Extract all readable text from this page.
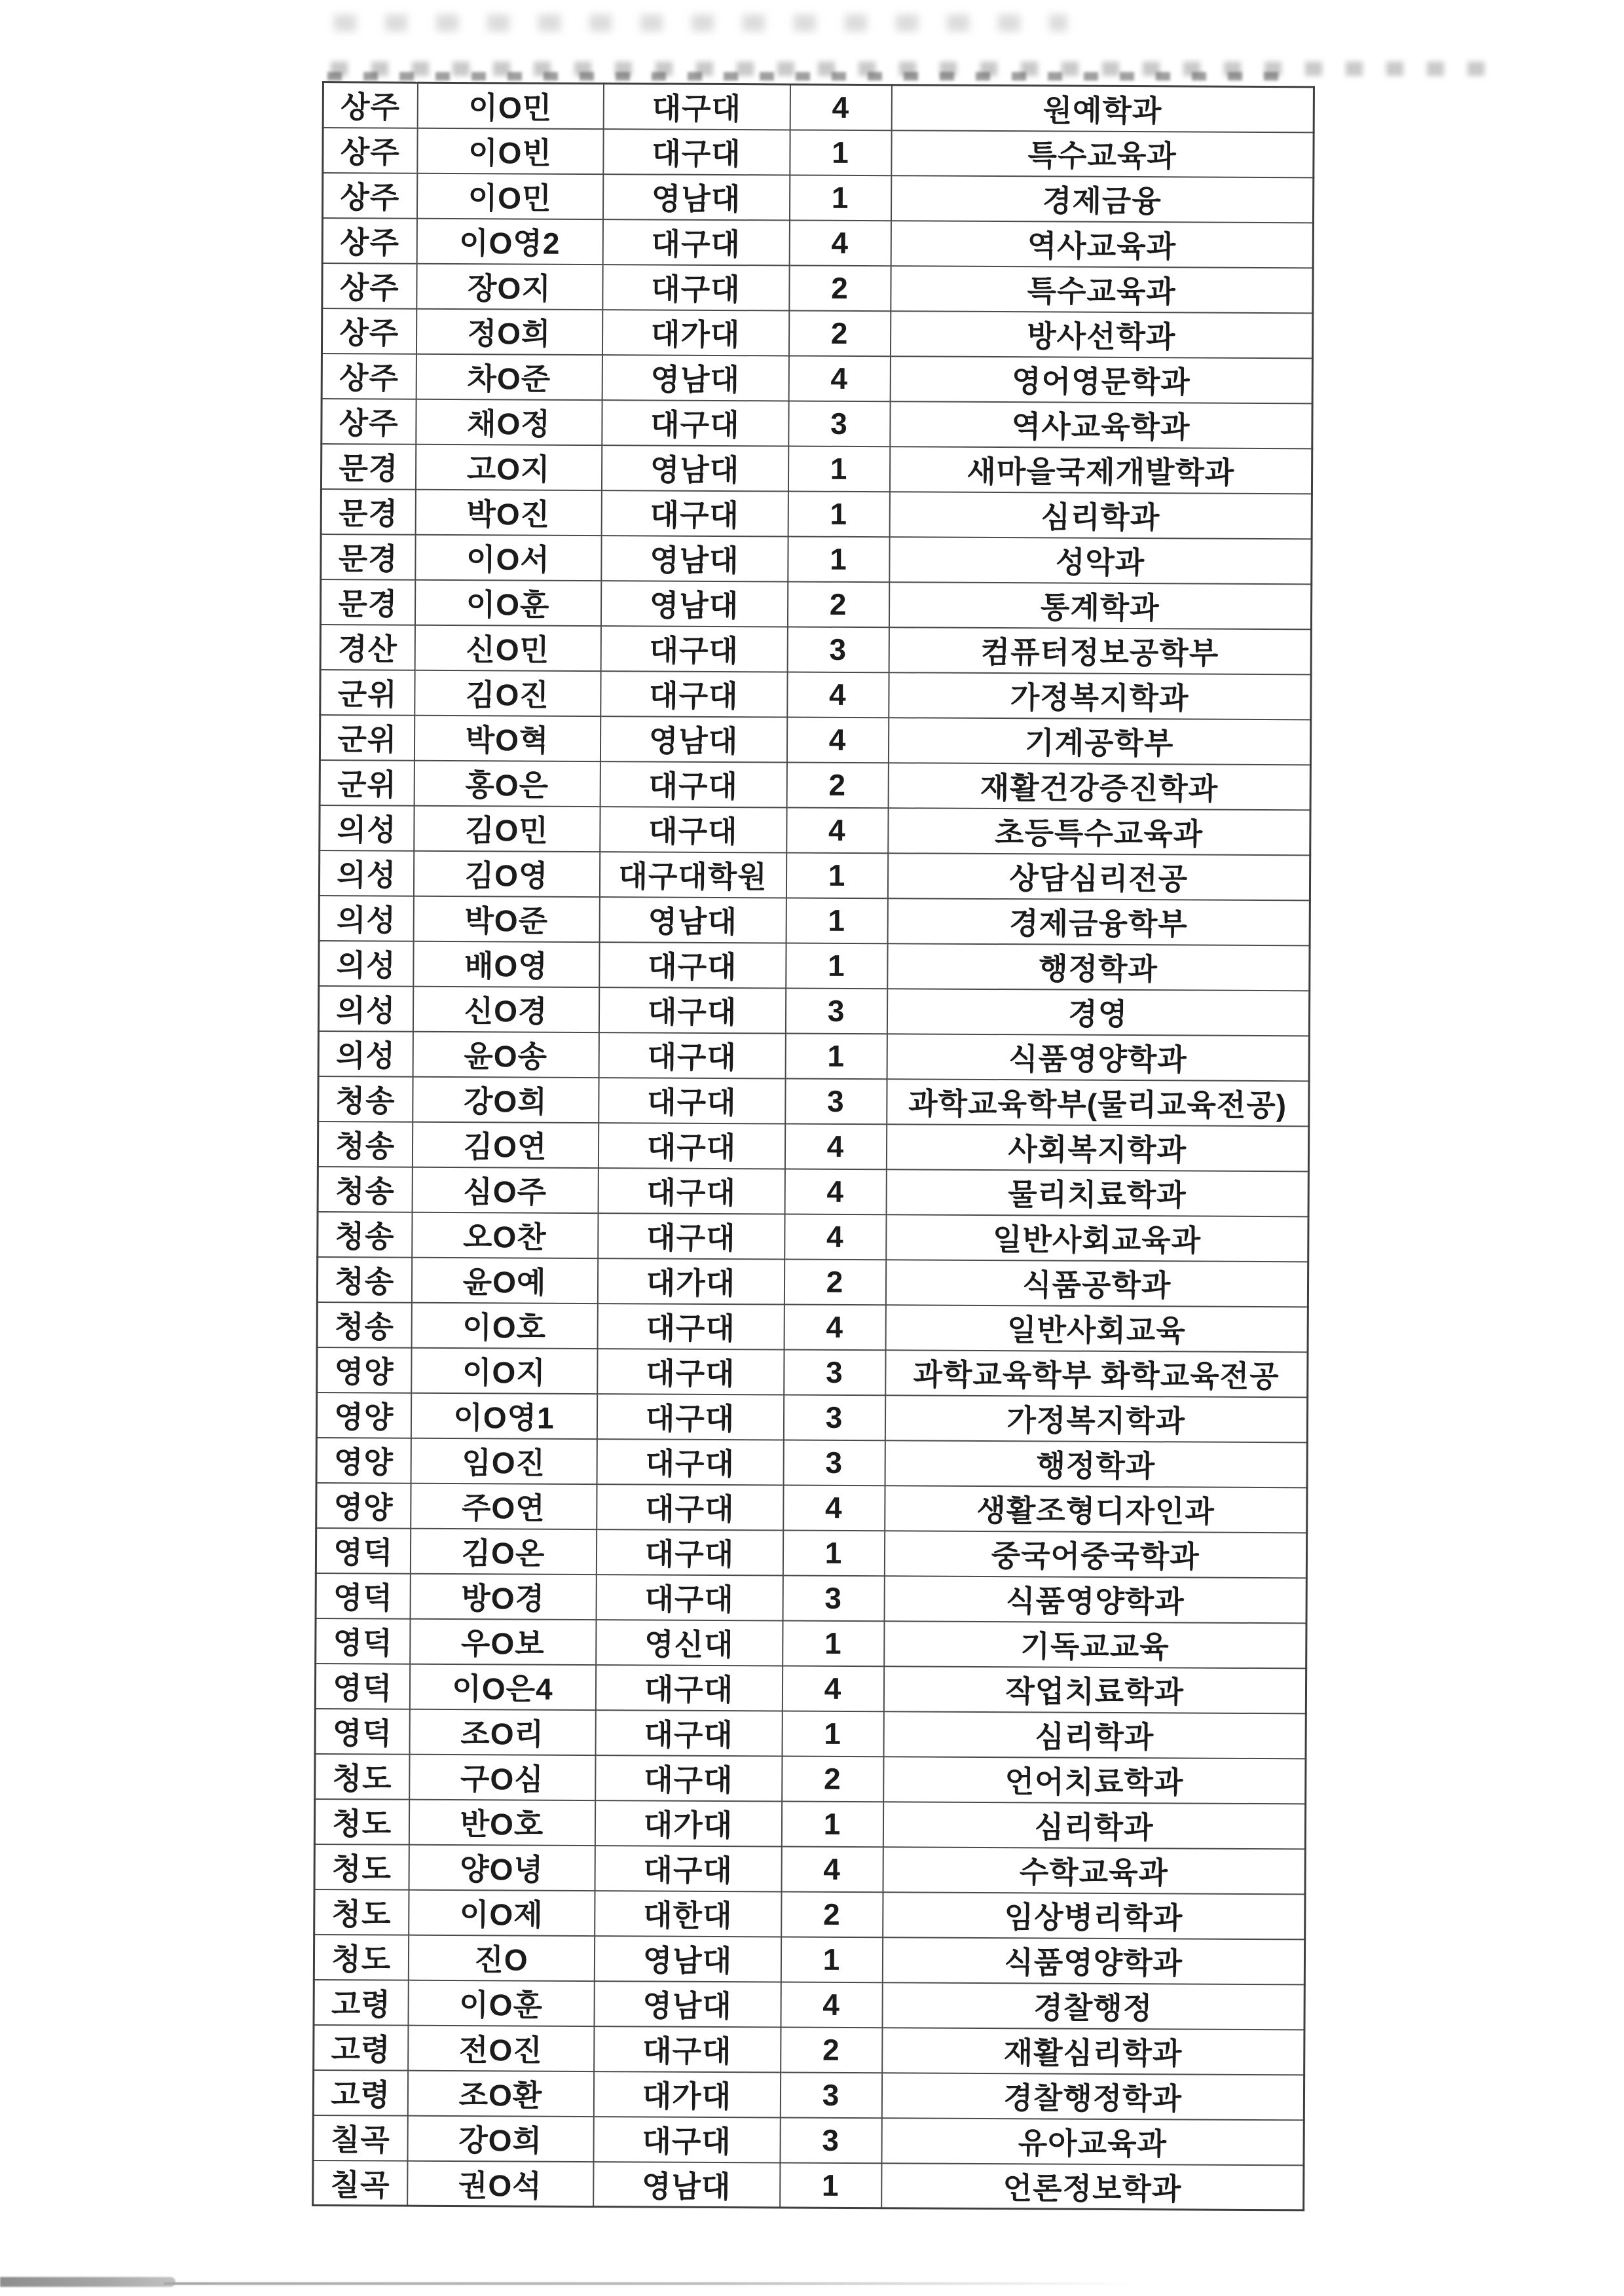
상주	이O민	대구대	4	원예학과
상주	이O빈	대구대	1	특수교육과
상주	이O민	영남대	1	경제금융
상주	이O영2	대구대	4	역사교육과
상주	장O지	대구대	2	특수교육과
상주	정O희	대가대	2	방사선학과
상주	차O준	영남대	4	영어영문학과
상주	채O정	대구대	3	역사교육학과
문경	고O지	영남대	1	새마을국제개발학과
문경	박O진	대구대	1	심리학과
문경	이O서	영남대	1	성악과
문경	이O훈	영남대	2	통계학과
경산	신O민	대구대	3	컴퓨터정보공학부
군위	김O진	대구대	4	가정복지학과
군위	박O혁	영남대	4	기계공학부
군위	홍O은	대구대	2	재활건강증진학과
의성	김O민	대구대	4	초등특수교육과
의성	김O영	대구대학원	1	상담심리전공
의성	박O준	영남대	1	경제금융학부
의성	배O영	대구대	1	행정학과
의성	신O경	대구대	3	경영
의성	윤O송	대구대	1	식품영양학과
청송	강O희	대구대	3	과학교육학부(물리교육전공)
청송	김O연	대구대	4	사회복지학과
청송	심O주	대구대	4	물리치료학과
청송	오O찬	대구대	4	일반사회교육과
청송	윤O예	대가대	2	식품공학과
청송	이O호	대구대	4	일반사회교육
영양	이O지	대구대	3	과학교육학부 화학교육전공
영양	이O영1	대구대	3	가정복지학과
영양	임O진	대구대	3	행정학과
영양	주O연	대구대	4	생활조형디자인과
영덕	김O온	대구대	1	중국어중국학과
영덕	방O경	대구대	3	식품영양학과
영덕	우O보	영신대	1	기독교교육
영덕	이O은4	대구대	4	작업치료학과
영덕	조O리	대구대	1	심리학과
청도	구O심	대구대	2	언어치료학과
청도	반O호	대가대	1	심리학과
청도	양O녕	대구대	4	수학교육과
청도	이O제	대한대	2	임상병리학과
청도	진O	영남대	1	식품영양학과
고령	이O훈	영남대	4	경찰행정
고령	전O진	대구대	2	재활심리학과
고령	조O환	대가대	3	경찰행정학과
칠곡	강O희	대구대	3	유아교육과
칠곡	권O석	영남대	1	언론정보학과
